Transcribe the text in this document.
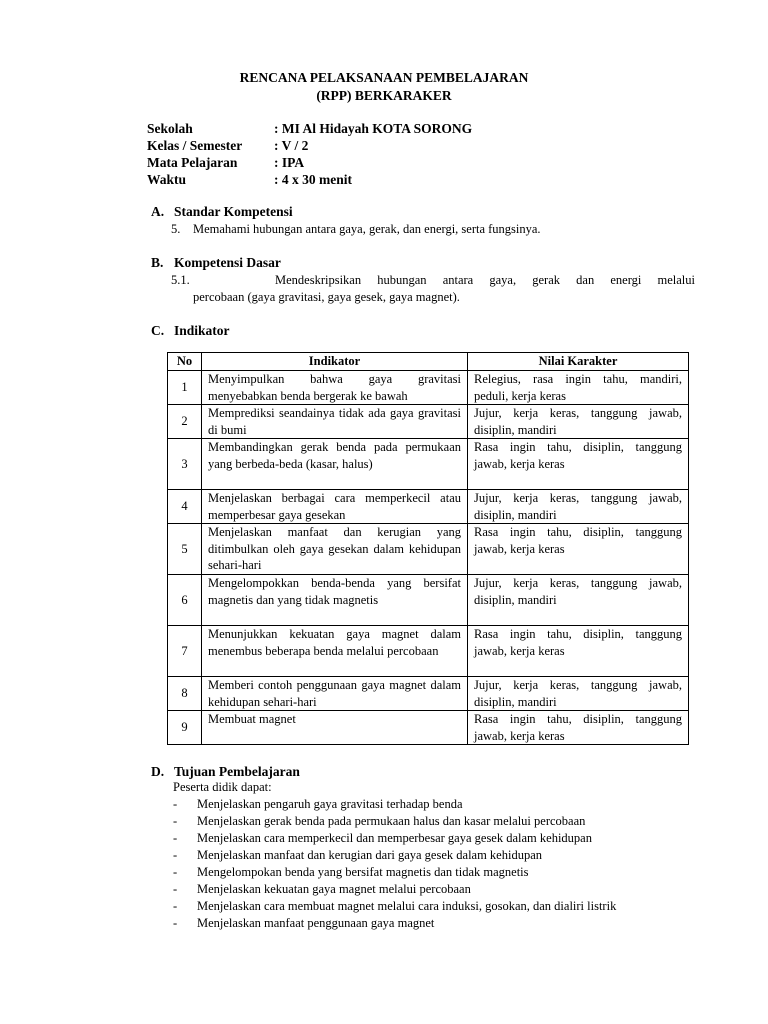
RENCANA PELAKSANAAN PEMBELAJARAN
(RPP) BERKARAKER
Sekolah	: MI Al Hidayah KOTA SORONG
Kelas / Semester : V / 2
Mata Pelajaran	: IPA
Waktu	: 4 x 30 menit
A. Standar Kompetensi
5. Memahami hubungan antara gaya, gerak, dan energi, serta fungsinya.
B. Kompetensi Dasar
5.1.	Mendeskripsikan hubungan antara gaya, gerak dan energi melalui
percobaan (gaya gravitasi, gaya gesek, gaya magnet).
C. Indikator
No	Indikator	Nilai Karakter
1	Menyimpulkan bahwa gaya gravitasi menyebabkan benda bergerak ke bawah	Relegius, rasa ingin tahu, mandiri, peduli, kerja keras
2	Memprediksi seandainya tidak ada gaya gravitasi di bumi	Jujur, kerja keras, tanggung jawab, disiplin, mandiri
3	Membandingkan gerak benda pada permukaan yang berbeda-beda (kasar, halus)	Rasa ingin tahu, disiplin, tanggung jawab, kerja keras
4	Menjelaskan berbagai cara memperkecil atau memperbesar gaya gesekan	Jujur, kerja keras, tanggung jawab, disiplin, mandiri
5	Menjelaskan manfaat dan kerugian yang ditimbulkan oleh gaya gesekan dalam kehidupan sehari-hari	Rasa ingin tahu, disiplin, tanggung jawab, kerja keras
6	Mengelompokkan benda-benda yang bersifat magnetis dan yang tidak magnetis	Jujur, kerja keras, tanggung jawab, disiplin, mandiri
7	Menunjukkan kekuatan gaya magnet dalam menembus beberapa benda melalui percobaan	Rasa ingin tahu, disiplin, tanggung jawab, kerja keras
8	Memberi contoh penggunaan gaya magnet dalam kehidupan sehari-hari	Jujur, kerja keras, tanggung jawab, disiplin, mandiri
9	Membuat magnet	Rasa ingin tahu, disiplin, tanggung jawab, kerja keras
D. Tujuan Pembelajaran
Peserta didik dapat:
- Menjelaskan pengaruh gaya gravitasi terhadap benda
- Menjelaskan gerak benda pada permukaan halus dan kasar melalui percobaan
- Menjelaskan cara memperkecil dan memperbesar gaya gesek dalam kehidupan
- Menjelaskan manfaat dan kerugian dari gaya gesek dalam kehidupan
- Mengelompokan benda yang bersifat magnetis dan tidak magnetis
- Menjelaskan kekuatan gaya magnet melalui percobaan
- Menjelaskan cara membuat magnet melalui cara induksi, gosokan, dan dialiri listrik
- Menjelaskan manfaat penggunaan gaya magnet
